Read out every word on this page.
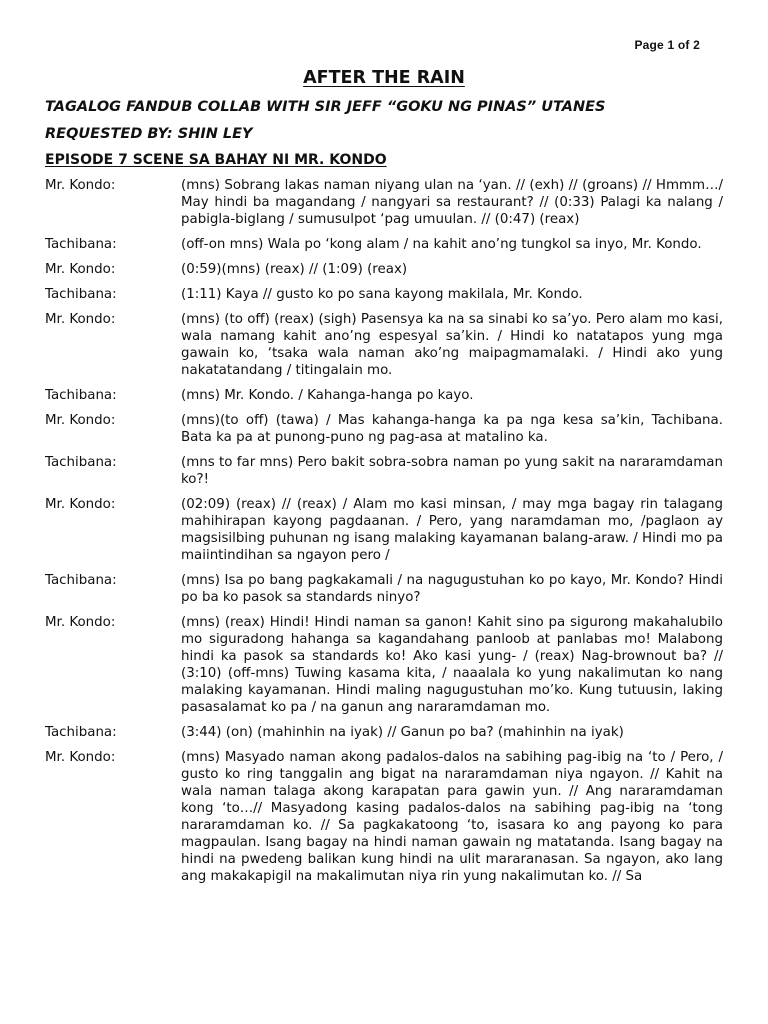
Page 1 of 2
AFTER THE RAIN
TAGALOG FANDUB COLLAB WITH SIR JEFF “GOKU NG PINAS” UTANES
REQUESTED BY: SHIN LEY
EPISODE 7 SCENE SA BAHAY NI MR. KONDO
Mr. Kondo:	(mns) Sobrang lakas naman niyang ulan na ‘yan. // (exh) // (groans) // Hmmm…/ May hindi ba magandang / nangyari sa restaurant? // (0:33) Palagi ka nalang / pabigla-biglang / sumusulpot ‘pag umuulan. // (0:47) (reax)
Tachibana:	(off-on mns) Wala po ‘kong alam / na kahit ano’ng tungkol sa inyo, Mr. Kondo.
Mr. Kondo:	(0:59)(mns) (reax) // (1:09) (reax)
Tachibana:	(1:11) Kaya // gusto ko po sana kayong makilala, Mr. Kondo.
Mr. Kondo:	(mns) (to off) (reax) (sigh) Pasensya ka na sa sinabi ko sa’yo. Pero alam mo kasi, wala namang kahit ano’ng espesyal sa’kin. / Hindi ko natatapos yung mga gawain ko, ‘tsaka wala naman ako’ng maipagmamalaki. / Hindi ako yung nakatatandang / titingalain mo.
Tachibana:	(mns) Mr. Kondo. / Kahanga-hanga po kayo.
Mr. Kondo:	(mns)(to off) (tawa) / Mas kahanga-hanga ka pa nga kesa sa’kin, Tachibana. Bata ka pa at punong-puno ng pag-asa at matalino ka.
Tachibana:	(mns to far mns) Pero bakit sobra-sobra naman po yung sakit na nararamdaman ko?!
Mr. Kondo:	(02:09) (reax) // (reax) / Alam mo kasi minsan, / may mga bagay rin talagang mahihirapan kayong pagdaanan. / Pero, yang naramdaman mo, /paglaon ay magsisilbing puhunan ng isang malaking kayamanan balang-araw. / Hindi mo pa maiintindihan sa ngayon pero /
Tachibana:	(mns) Isa po bang pagkakamali / na nagugustuhan ko po kayo, Mr. Kondo? Hindi po ba ko pasok sa standards ninyo?
Mr. Kondo:	(mns) (reax) Hindi! Hindi naman sa ganon! Kahit sino pa sigurong makahalubilo mo siguradong hahanga sa kagandahang panloob at panlabas mo! Malabong hindi ka pasok sa standards ko! Ako kasi yung- / (reax) Nag-brownout ba? // (3:10) (off-mns) Tuwing kasama kita, / naaalala ko yung nakalimutan ko nang malaking kayamanan. Hindi maling nagugustuhan mo’ko. Kung tutuusin, laking pasasalamat ko pa / na ganun ang nararamdaman mo.
Tachibana:	(3:44) (on) (mahinhin na iyak) // Ganun po ba? (mahinhin na iyak)
Mr. Kondo:	(mns) Masyado naman akong padalos-dalos na sabihing pag-ibig na ‘to / Pero, / gusto ko ring tanggalin ang bigat na nararamdaman niya ngayon. // Kahit na wala naman talaga akong karapatan para gawin yun. // Ang nararamdaman kong ‘to…// Masyadong kasing padalos-dalos na sabihing pag-ibig na ‘tong nararamdaman ko. // Sa pagkakatoong ‘to, isasara ko ang payong ko para magpaulan. Isang bagay na hindi naman gawain ng matatanda. Isang bagay na hindi na pwedeng balikan kung hindi na ulit mararanasan. Sa ngayon, ako lang ang makakapigil na makalimutan niya rin yung nakalimutan ko. // Sa
